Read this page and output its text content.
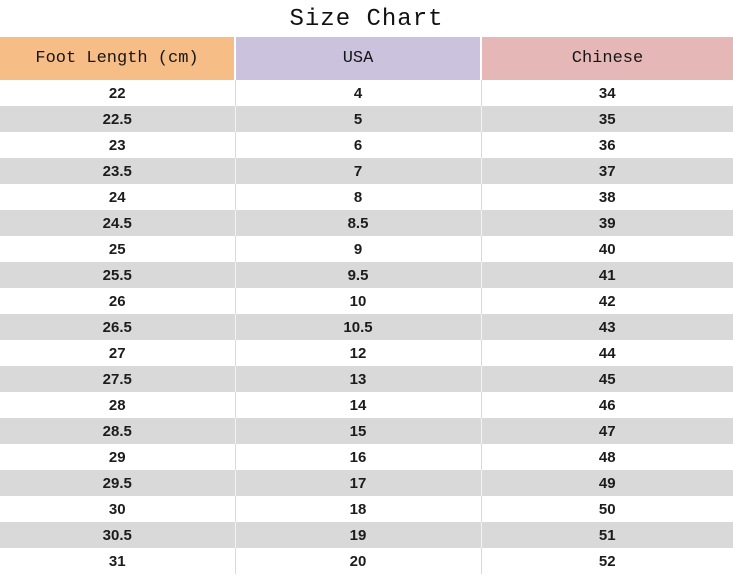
Size Chart
Foot Length (cm)	USA	Chinese
22	4	34
22.5	5	35
23	6	36
23.5	7	37
24	8	38
24.5	8.5	39
25	9	40
25.5	9.5	41
26	10	42
26.5	10.5	43
27	12	44
27.5	13	45
28	14	46
28.5	15	47
29	16	48
29.5	17	49
30	18	50
30.5	19	51
31	20	52
